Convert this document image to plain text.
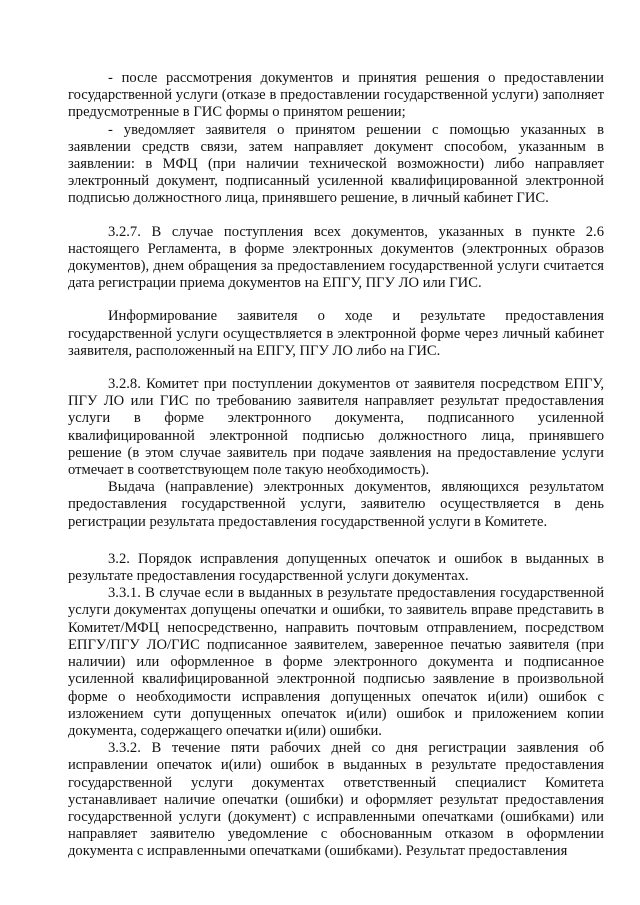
- после рассмотрения документов и принятия решения о предоставлении государственной услуги (отказе в предоставлении государственной услуги) заполняет предусмотренные в ГИС формы о принятом решении;

- уведомляет заявителя о принятом решении с помощью указанных в заявлении средств связи, затем направляет документ способом, указанным в заявлении: в МФЦ (при наличии технической возможности) либо направляет электронный документ, подписанный усиленной квалифицированной электронной подписью должностного лица, принявшего решение, в личный кабинет ГИС.

3.2.7. В случае поступления всех документов, указанных в пункте 2.6 настоящего Регламента, в форме электронных документов (электронных образов документов), днем обращения за предоставлением государственной услуги считается дата регистрации приема документов на ЕПГУ, ПГУ ЛО или ГИС.

Информирование заявителя о ходе и результате предоставления государственной услуги осуществляется в электронной форме через личный кабинет заявителя, расположенный на ЕПГУ, ПГУ ЛО либо на ГИС.

3.2.8. Комитет при поступлении документов от заявителя посредством ЕПГУ, ПГУ ЛО или ГИС по требованию заявителя направляет результат предоставления услуги в форме электронного документа, подписанного усиленной квалифицированной электронной подписью должностного лица, принявшего решение (в этом случае заявитель при подаче заявления на предоставление услуги отмечает в соответствующем поле такую необходимость).

Выдача (направление) электронных документов, являющихся результатом предоставления государственной услуги, заявителю осуществляется в день регистрации результата предоставления государственной услуги в Комитете.

3.2. Порядок исправления допущенных опечаток и ошибок в выданных в результате предоставления государственной услуги документах.

3.3.1. В случае если в выданных в результате предоставления государственной услуги документах допущены опечатки и ошибки, то заявитель вправе представить в Комитет/МФЦ непосредственно, направить почтовым отправлением, посредством ЕПГУ/ПГУ ЛО/ГИС подписанное заявителем, заверенное печатью заявителя (при наличии) или оформленное в форме электронного документа и подписанное усиленной квалифицированной электронной подписью заявление в произвольной форме о необходимости исправления допущенных опечаток и(или) ошибок с изложением сути допущенных опечаток и(или) ошибок и приложением копии документа, содержащего опечатки и(или) ошибки.

3.3.2. В течение пяти рабочих дней со дня регистрации заявления об исправлении опечаток и(или) ошибок в выданных в результате предоставления государственной услуги документах ответственный специалист Комитета устанавливает наличие опечатки (ошибки) и оформляет результат предоставления государственной услуги (документ) с исправленными опечатками (ошибками) или направляет заявителю уведомление с обоснованным отказом в оформлении документа с исправленными опечатками (ошибками). Результат предоставления
